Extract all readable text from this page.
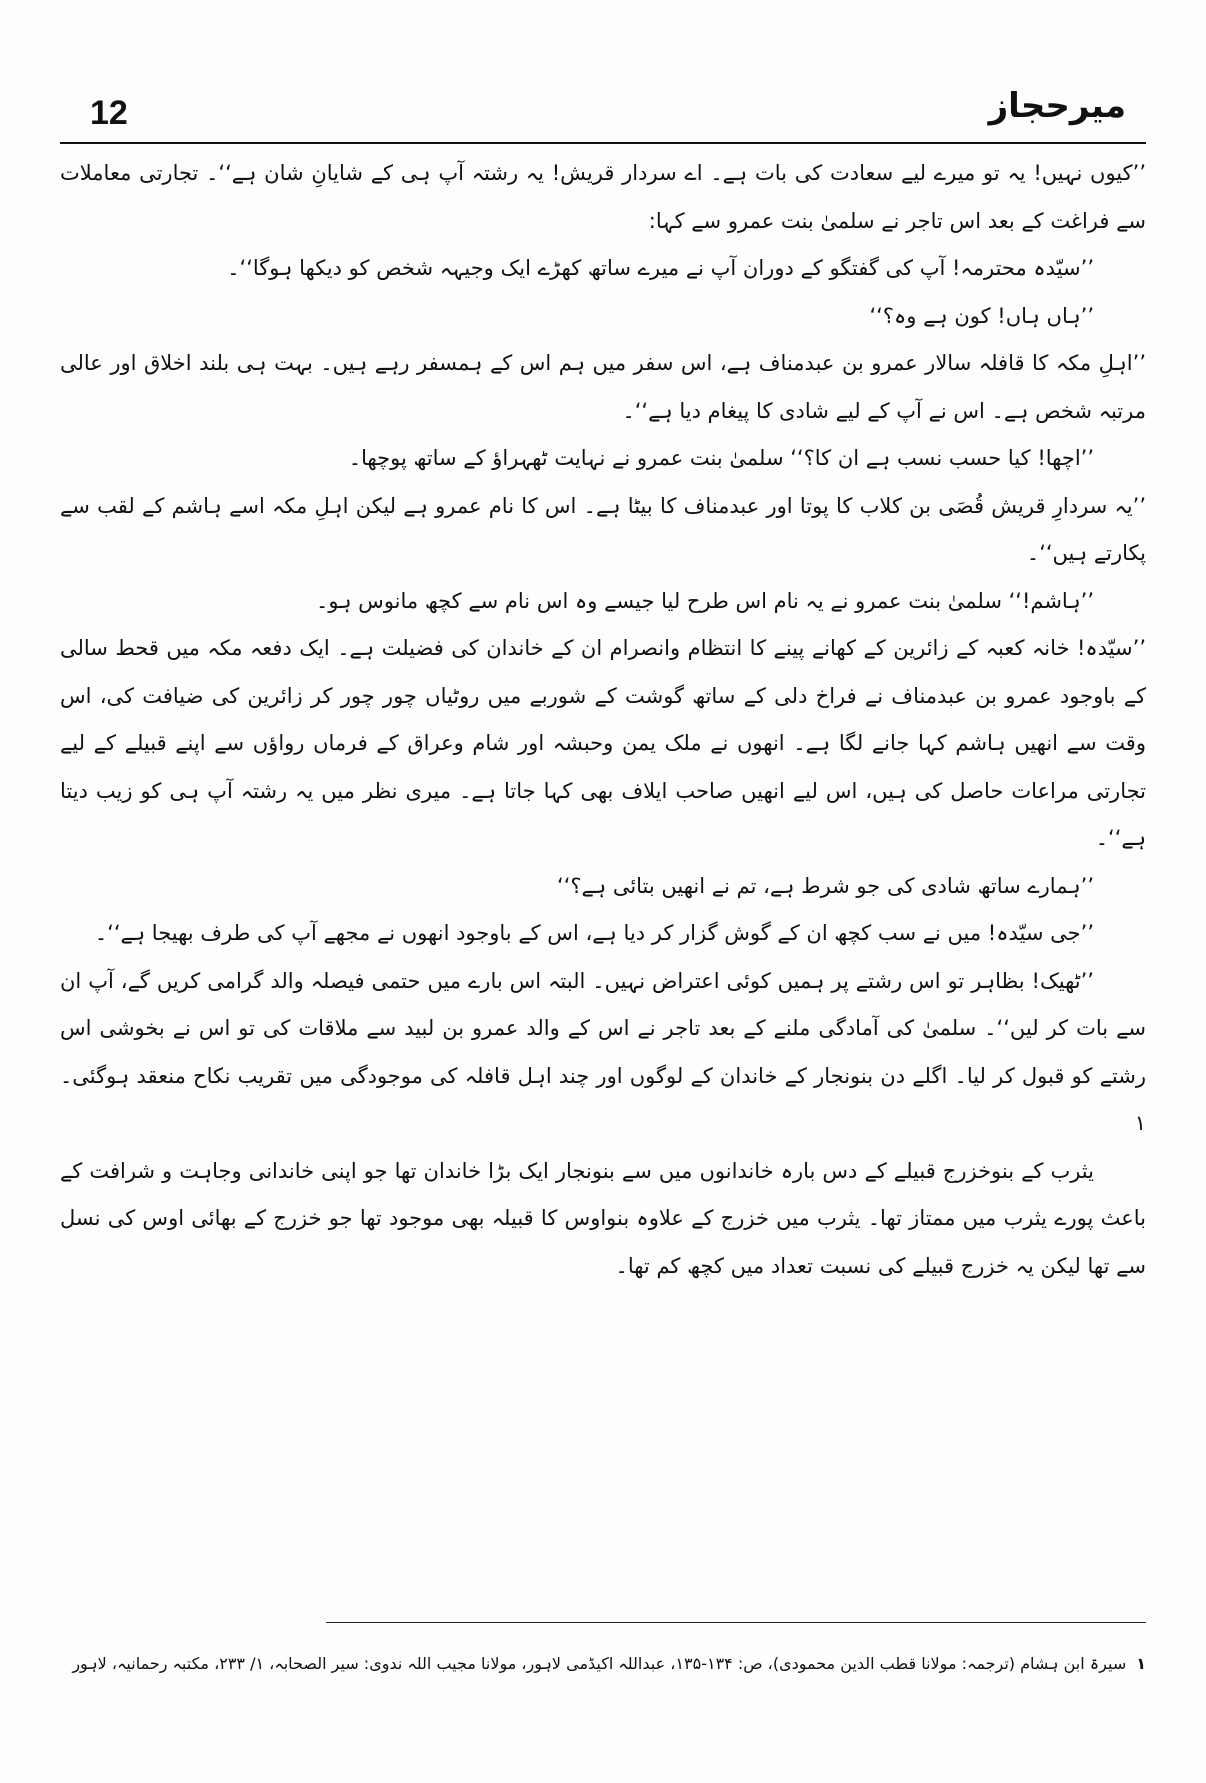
12	میرحجاز

’’کیوں نہیں! یہ تو میرے لیے سعادت کی بات ہے۔ اے سردار قریش! یہ رشتہ آپ ہی کے شایانِ شان ہے‘‘۔ تجارتی معاملات سے فراغت کے بعد اس تاجر نے سلمیٰ بنت عمرو سے کہا:

’’سیّدہ محترمہ! آپ کی گفتگو کے دوران آپ نے میرے ساتھ کھڑے ایک وجیہہ شخص کو دیکھا ہوگا‘‘۔

’’ہاں ہاں! کون ہے وہ؟‘‘

’’اہلِ مکہ کا قافلہ سالار عمرو بن عبدمناف ہے، اس سفر میں ہم اس کے ہمسفر رہے ہیں۔ بہت ہی بلند اخلاق اور عالی مرتبہ شخص ہے۔ اس نے آپ کے لیے شادی کا پیغام دیا ہے‘‘۔

’’اچھا! کیا حسب نسب ہے ان کا؟‘‘ سلمیٰ بنت عمرو نے نہایت ٹھہراؤ کے ساتھ پوچھا۔

’’یہ سردارِ قریش قُصَی بن کلاب کا پوتا اور عبدمناف کا بیٹا ہے۔ اس کا نام عمرو ہے لیکن اہلِ مکہ اسے ہاشم کے لقب سے پکارتے ہیں‘‘۔

’’ہاشم!‘‘ سلمیٰ بنت عمرو نے یہ نام اس طرح لیا جیسے وہ اس نام سے کچھ مانوس ہو۔

’’سیّدہ! خانہ کعبہ کے زائرین کے کھانے پینے کا انتظام وانصرام ان کے خاندان کی فضیلت ہے۔ ایک دفعہ مکہ میں قحط سالی کے باوجود عمرو بن عبدمناف نے فراخ دلی کے ساتھ گوشت کے شوربے میں روٹیاں چور چور کر زائرین کی ضیافت کی، اس وقت سے انھیں ہاشم کہا جانے لگا ہے۔ انھوں نے ملک یمن وحبشہ اور شام وعراق کے فرماں رواؤں سے اپنے قبیلے کے لیے تجارتی مراعات حاصل کی ہیں، اس لیے انھیں صاحب ایلاف بھی کہا جاتا ہے۔ میری نظر میں یہ رشتہ آپ ہی کو زیب دیتا ہے‘‘۔

’’ہمارے ساتھ شادی کی جو شرط ہے، تم نے انھیں بتائی ہے؟‘‘

’’جی سیّدہ! میں نے سب کچھ ان کے گوش گزار کر دیا ہے، اس کے باوجود انھوں نے مجھے آپ کی طرف بھیجا ہے‘‘۔

’’ٹھیک! بظاہر تو اس رشتے پر ہمیں کوئی اعتراض نہیں۔ البتہ اس بارے میں حتمی فیصلہ والد گرامی کریں گے، آپ ان سے بات کر لیں‘‘۔ سلمیٰ کی آمادگی ملنے کے بعد تاجر نے اس کے والد عمرو بن لبید سے ملاقات کی تو اس نے بخوشی اس رشتے کو قبول کر لیا۔ اگلے دن بنونجار کے خاندان کے لوگوں اور چند اہل قافلہ کی موجودگی میں تقریب نکاح منعقد ہوگئی۔ ۱

یثرب کے بنوخزرج قبیلے کے دس بارہ خاندانوں میں سے بنونجار ایک بڑا خاندان تھا جو اپنی خاندانی وجاہت و شرافت کے باعث پورے یثرب میں ممتاز تھا۔ یثرب میں خزرج کے علاوہ بنواوس کا قبیلہ بھی موجود تھا جو خزرج کے بھائی اوس کی نسل سے تھا لیکن یہ خزرج قبیلے کی نسبت تعداد میں کچھ کم تھا۔

۱سیرۃ ابن ہشام (ترجمہ: مولانا قطب الدین محمودی)، ص: ۱۳۴-۱۳۵، عبداللہ اکیڈمی لاہور، مولانا مجیب اللہ ندوی: سیر الصحابہ، ۱/ ۲۳۳، مکتبہ رحمانیہ، لاہور
